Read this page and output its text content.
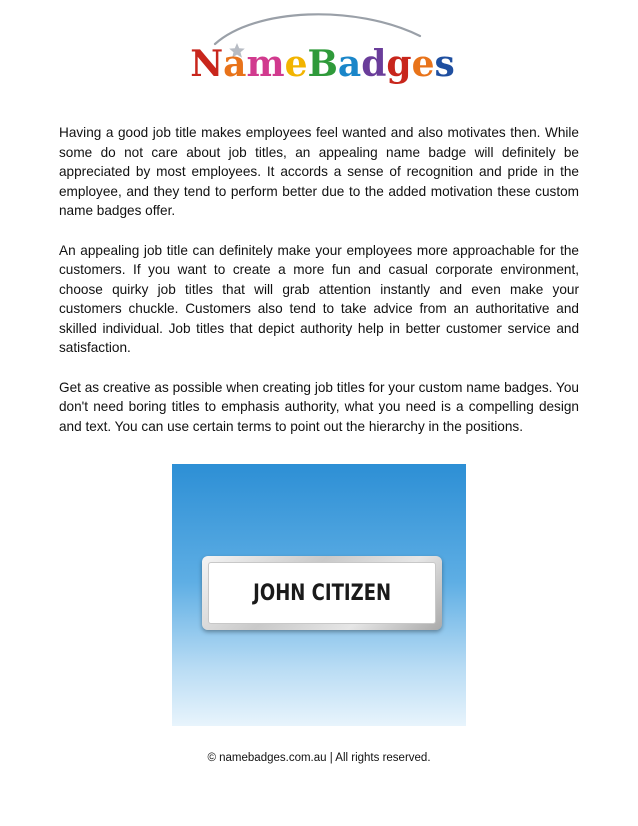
NameBadges

Having a good job title makes employees feel wanted and also motivates then. While some do not care about job titles, an appealing name badge will definitely be appreciated by most employees. It accords a sense of recognition and pride in the employee, and they tend to perform better due to the added motivation these custom name badges offer.

An appealing job title can definitely make your employees more approachable for the customers. If you want to create a more fun and casual corporate environment, choose quirky job titles that will grab attention instantly and even make your customers chuckle. Customers also tend to take advice from an authoritative and skilled individual. Job titles that depict authority help in better customer service and satisfaction.

Get as creative as possible when creating job titles for your custom name badges. You don't need boring titles to emphasis authority, what you need is a compelling design and text. You can use certain terms to point out the hierarchy in the positions.

JOHN CITIZEN
© namebadges.com.au | All rights reserved.
